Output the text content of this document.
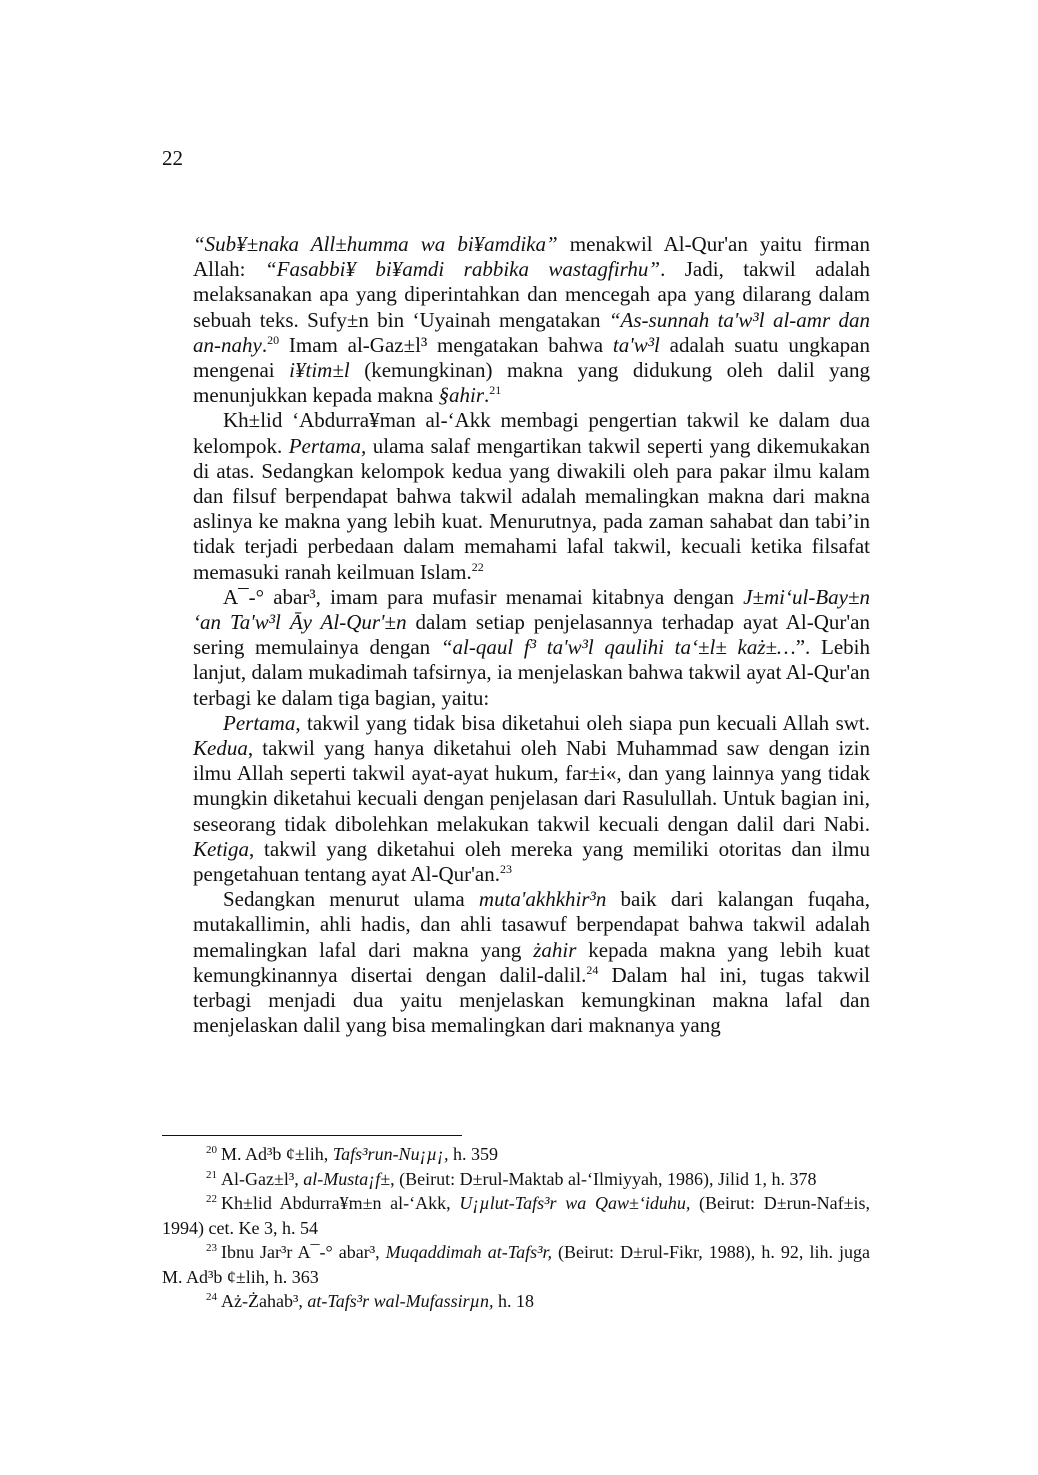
22

“Sub¥±naka All±humma wa bi¥amdika” menakwil Al-Qur'an yaitu firman Allah: “Fasabbi¥ bi¥amdi rabbika wastagfirhu”. Jadi, takwil adalah melaksanakan apa yang diperintahkan dan mencegah apa yang dilarang dalam sebuah teks. Sufy±n bin ‘Uyainah mengatakan “As-sunnah ta'w³l al-amr dan an-nahy.$^{20}$ Imam al-Gaz±l³ mengatakan bahwa ta'w³l adalah suatu ungkapan mengenai i¥tim±l (kemungkinan) makna yang didukung oleh dalil yang menunjukkan kepada makna §ahir.$^{21}$

Kh±lid ‘Abdurra¥man al-‘Akk membagi pengertian takwil ke dalam dua kelompok. Pertama, ulama salaf mengartikan takwil seperti yang dikemukakan di atas. Sedangkan kelompok kedua yang diwakili oleh para pakar ilmu kalam dan filsuf berpendapat bahwa takwil adalah memalingkan makna dari makna aslinya ke makna yang lebih kuat. Menurutnya, pada zaman sahabat dan tabi’in tidak terjadi perbedaan dalam memahami lafal takwil, kecuali ketika filsafat memasuki ranah keilmuan Islam.$^{22}$

A¯-° abar³, imam para mufasir menamai kitabnya dengan J±mi‘ul-Bay±n ‘an Ta'w³l Āy Al-Qur'±n dalam setiap penjelasannya terhadap ayat Al-Qur'an sering memulainya dengan “al-qaul f³ ta'w³l qaulihi ta‘±l± każ±…”. Lebih lanjut, dalam mukadimah tafsirnya, ia menjelaskan bahwa takwil ayat Al-Qur'an terbagi ke dalam tiga bagian, yaitu:

Pertama, takwil yang tidak bisa diketahui oleh siapa pun kecuali Allah swt. Kedua, takwil yang hanya diketahui oleh Nabi Muhammad saw dengan izin ilmu Allah seperti takwil ayat-ayat hukum, far±i«, dan yang lainnya yang tidak mungkin diketahui kecuali dengan penjelasan dari Rasulullah. Untuk bagian ini, seseorang tidak dibolehkan melakukan takwil kecuali dengan dalil dari Nabi. Ketiga, takwil yang diketahui oleh mereka yang memiliki otoritas dan ilmu pengetahuan tentang ayat Al-Qur'an.$^{23}$

Sedangkan menurut ulama muta'akhkhir³n baik dari kalangan fuqaha, mutakallimin, ahli hadis, dan ahli tasawuf berpendapat bahwa takwil adalah memalingkan lafal dari makna yang żahir kepada makna yang lebih kuat kemungkinannya disertai dengan dalil-dalil.$^{24}$ Dalam hal ini, tugas takwil terbagi menjadi dua yaitu menjelaskan kemungkinan makna lafal dan menjelaskan dalil yang bisa memalingkan dari maknanya yang

$^{20}$ M. Ad³b ¢±lih, Tafs³run-Nu¡µ¡, h. 359

$^{21}$ Al-Gaz±l³, al-Musta¡f±, (Beirut: D±rul-Maktab al-‘Ilmiyyah, 1986), Jilid 1, h. 378

$^{22}$ Kh±lid Abdurra¥m±n al-‘Akk, U¡µlut-Tafs³r wa Qaw±‘iduhu, (Beirut: D±run-Naf±is, 1994) cet. Ke 3, h. 54

$^{23}$ Ibnu Jar³r A¯-° abar³, Muqaddimah at-Tafs³r, (Beirut: D±rul-Fikr, 1988), h. 92, lih. juga M. Ad³b ¢±lih, h. 363

$^{24}$ Aż-Żahab³, at-Tafs³r wal-Mufassirµn, h. 18
